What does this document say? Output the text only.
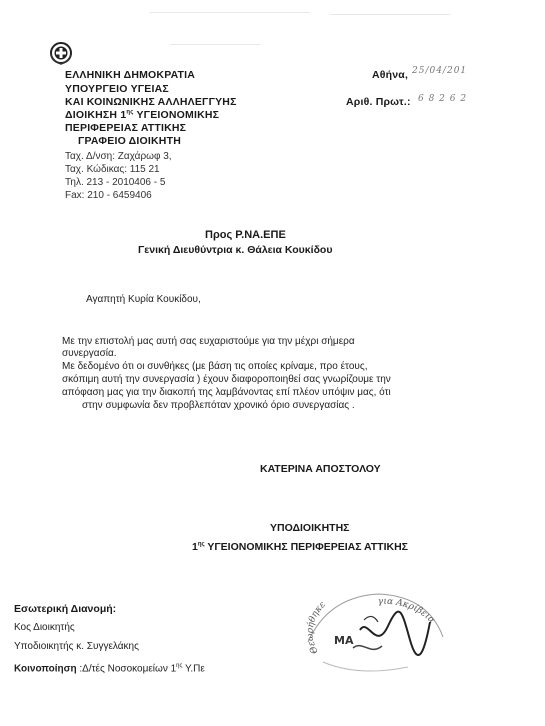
ΕΛΛΗΝΙΚΗ ΔΗΜΟΚΡΑΤΙΑ
ΥΠΟΥΡΓΕΙΟ ΥΓΕΙΑΣ
ΚΑΙ ΚΟΙΝΩΝΙΚΗΣ ΑΛΛΗΛΕΓΓΥΗΣ
ΔΙΟΙΚΗΣΗ $1^{\eta\varsigma}$ ΥΓΕΙΟΝΟΜΙΚΗΣ
ΠΕΡΙΦΕΡΕΙΑΣ ΑΤΤΙΚΗΣ
ΓΡΑΦΕΙΟ ΔΙΟΙΚΗΤΗ
Ταχ. Δ/νση: Ζαχάρωφ 3,
Ταχ. Κώδικας: 115 21
Τηλ. 213 - 2010406 - 5
Fax: 210 - 6459406
Αθήνα, 25/04/201
Αριθ. Πρωτ.: 6 8 2 6 2
Προς Ρ.ΝΑ.ΕΠΕ
Γενική Διευθύντρια κ. Θάλεια Κουκίδου
Αγαπητή Κυρία Κουκίδου,
Με την επιστολή μας αυτή σας ευχαριστούμε για την μέχρι σήμερα
συνεργασία.
Με δεδομένο ότι οι συνθήκες (με βάση τις οποίες κρίναμε, προ έτους,
σκόπιμη αυτή την συνεργασία ) έχουν διαφοροποιηθεί σας γνωρίζουμε την
απόφαση μας για την διακοπή της λαμβάνοντας επί πλέον υπόψιν μας, ότι
στην συμφωνία δεν προβλεπόταν χρονικό όριο συνεργασίας .
ΚΑΤΕΡΙΝΑ ΑΠΟΣΤΟΛΟΥ
ΥΠΟΔΙΟΙΚΗΤΗΣ
$1^{\eta\varsigma}$ ΥΓΕΙΟΝΟΜΙΚΗΣ ΠΕΡΙΦΕΡΕΙΑΣ ΑΤΤΙΚΗΣ
Θεωρήθηκε	για Ακρίβεια
ΜΑ
Εσωτερική Διανομή:
Κος Διοικητής
Υποδιοικητής κ. Συγγελάκης
Κοινοποίηση :Δ/τές Νοσοκομείων $1^{\eta\varsigma}$ Υ.Πε
